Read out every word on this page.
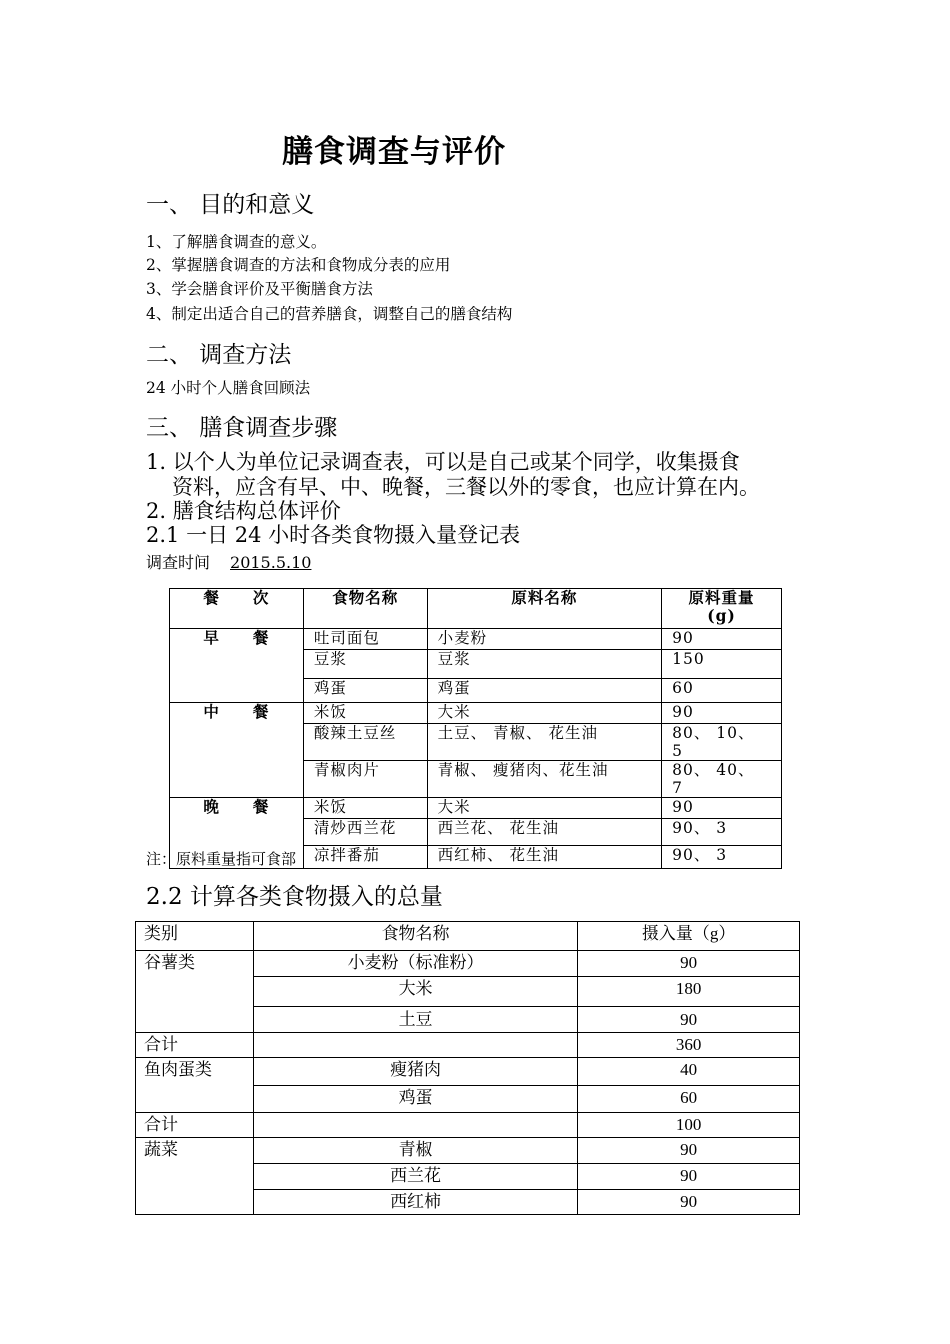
膳食调查与评价
一、 目的和意义
1、了解膳食调查的意义。
2、掌握膳食调查的方法和食物成分表的应用
3、学会膳食评价及平衡膳食方法
4、制定出适合自己的营养膳食，调整自己的膳食结构
二、 调查方法
24 小时个人膳食回顾法
三、 膳食调查步骤
1. 以个人为单位记录调查表，可以是自己或某个同学，收集摄食
资料，应含有早、中、晚餐，三餐以外的零食，也应计算在内。
2. 膳食结构总体评价
2.1 一日 24 小时各类食物摄入量登记表
调查时间 2015.5.10
餐　　次	食物名称	原料名称	原料重量
(g)
早　　餐	吐司面包	小麦粉	90
	豆浆	豆浆	150
	鸡蛋	鸡蛋	60
中　　餐	米饭	大米	90
	酸辣土豆丝	土豆、 青椒、 花生油	80、 10、 5
	青椒肉片	青椒、 瘦猪肉、花生油	80、 40、 7
晚　　餐	米饭	大米	90
	清炒西兰花	西兰花、 花生油	90、 3
	凉拌番茄	西红柿、 花生油	90、 3
注：原料重量指可食部
2.2 计算各类食物摄入的总量
类别	食物名称	摄入量（g）
谷薯类	小麦粉（标准粉）	90
	大米	180
	土豆	90
合计		360
鱼肉蛋类	瘦猪肉	40
	鸡蛋	60
合计		100
蔬菜	青椒	90
	西兰花	90
	西红柿	90
